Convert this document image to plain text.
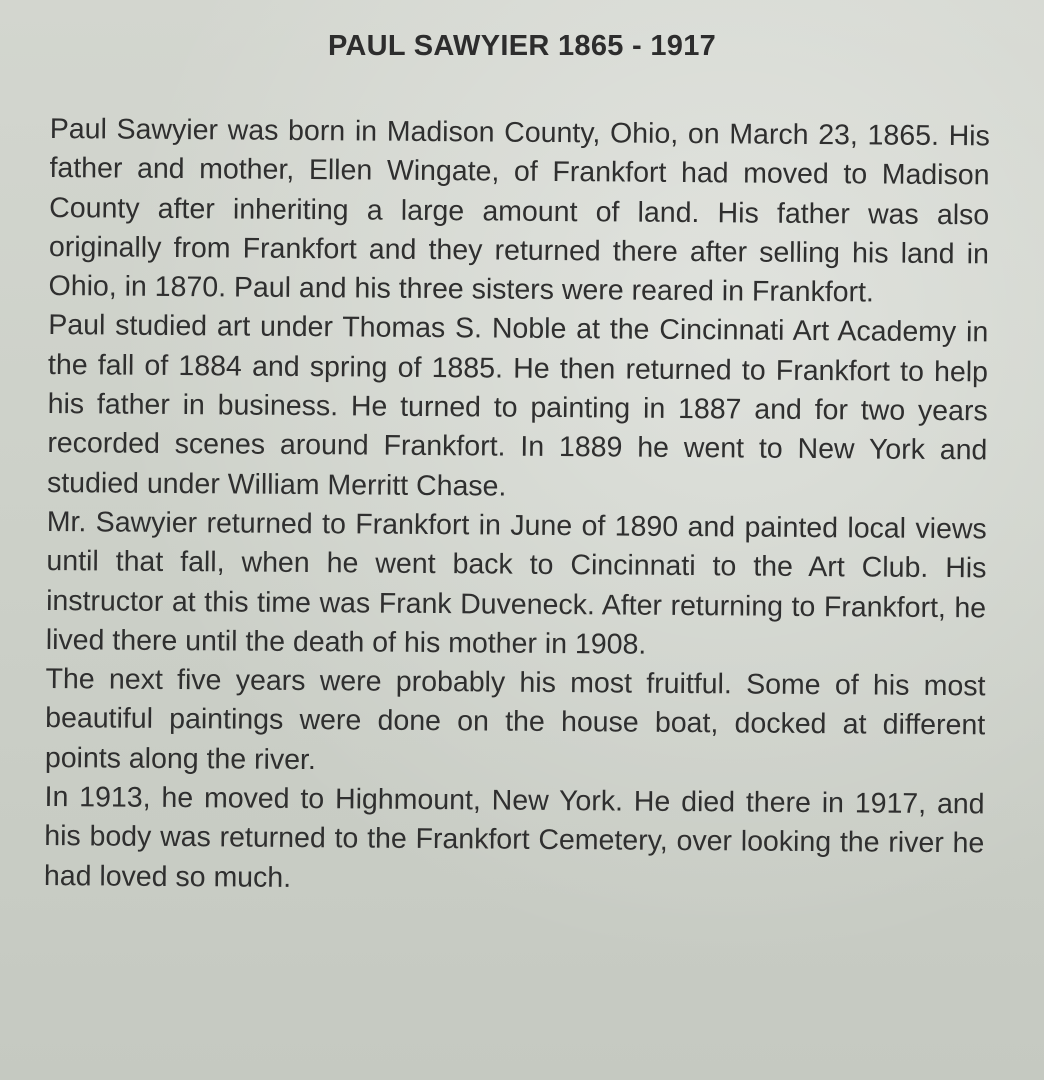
PAUL SAWYIER 1865 - 1917

Paul Sawyier was born in Madison County, Ohio, on March 23, 1865. His father and mother, Ellen Wingate, of Frankfort had moved to Madison County after inheriting a large amount of land. His father was also originally from Frankfort and they returned there after selling his land in Ohio, in 1870. Paul and his three sisters were reared in Frankfort.

Paul studied art under Thomas S. Noble at the Cincinnati Art Academy in the fall of 1884 and spring of 1885. He then returned to Frankfort to help his father in business. He turned to painting in 1887 and for two years recorded scenes around Frankfort. In 1889 he went to New York and studied under William Merritt Chase.

Mr. Sawyier returned to Frankfort in June of 1890 and painted local views until that fall, when he went back to Cincinnati to the Art Club. His instructor at this time was Frank Duveneck. After returning to Frankfort, he lived there until the death of his mother in 1908.

The next five years were probably his most fruitful. Some of his most beautiful paintings were done on the house boat, docked at different points along the river.

In 1913, he moved to Highmount, New York. He died there in 1917, and his body was returned to the Frankfort Cemetery, over looking the river he had loved so much.
